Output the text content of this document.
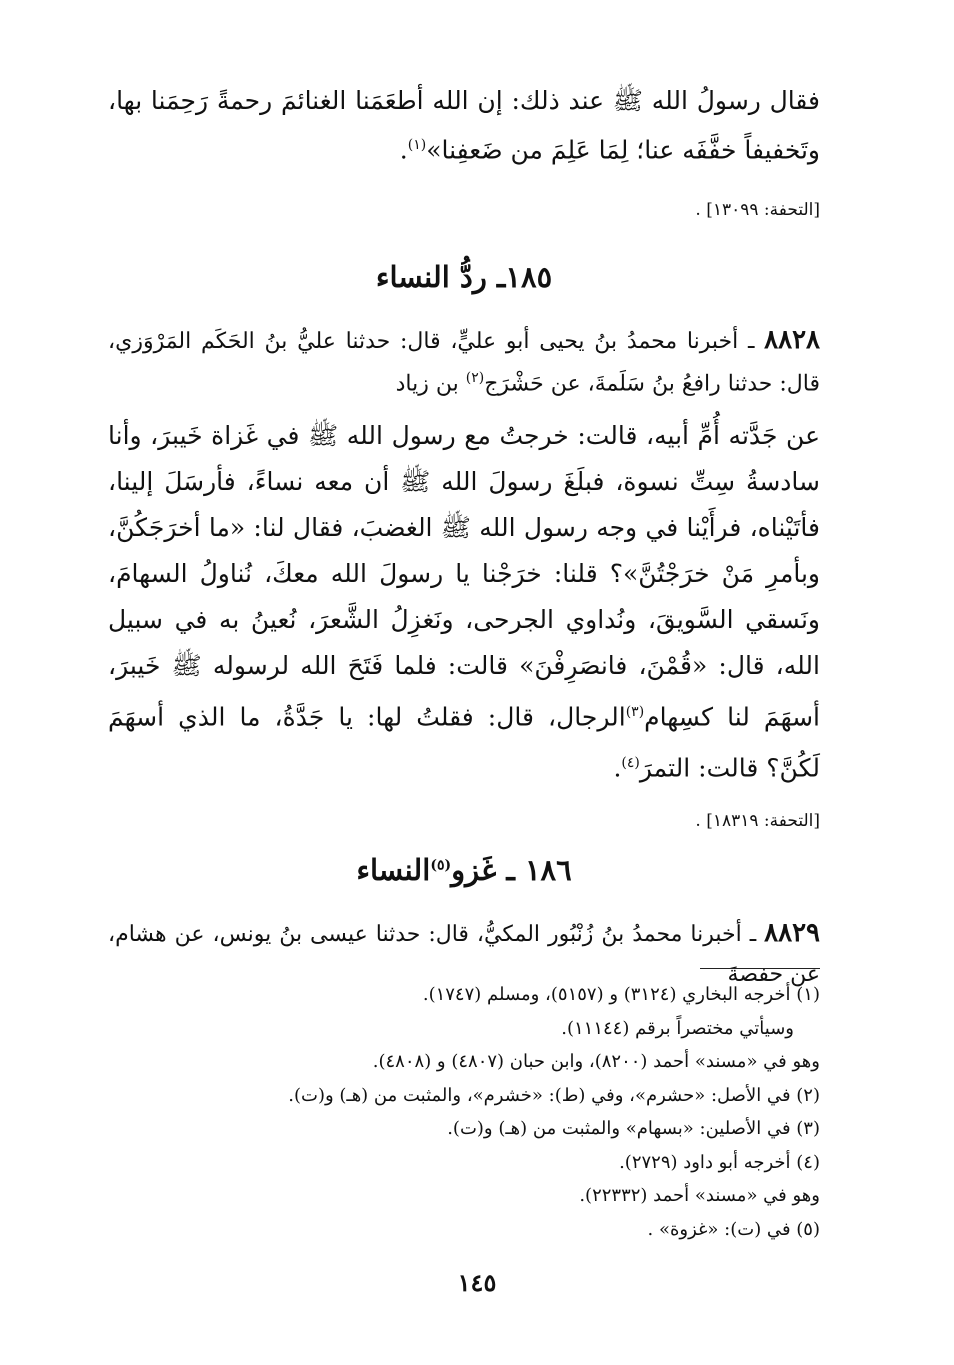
فقال رسولُ الله ﷺ عند ذلك: إن الله أطعَمَنا الغنائمَ رحمةً رَحِمَنا بها، وتَخفيفاً خفَّفَه عنا؛ لِمَا عَلِمَ من ضَعفِنا»$^{(١)}$.

[التحفة: ١٣٠٩٩] .

١٨٥ـ ردُّ النساء

٨٨٢٨ ـ أخبرنا محمدُ بنُ يحيى أبو عليٍّ، قال: حدثنا عليُّ بنُ الحَكَم المَرْوَزي، قال: حدثنا رافعُ بنُ سَلَمةَ، عن حَشْرَج$^{(٢)}$ بن زياد

عن جَدَّته أُمِّ أبيه، قالت: خرجتُ مع رسول الله ﷺ في غَزاة خَيبرَ، وأنا سادسةُ سِتِّ نسوة، فبلَغَ رسولَ الله ﷺ أن معه نساءً، فأرسَلَ إلينا، فأتَيْناه، فرأَيْنا في وجه رسول الله ﷺ الغضبَ، فقال لنا: «ما أخرَجَكُنَّ، وبأمرِ مَنْ خرَجْتُنَّ»؟ قلنا: خرَجْنا يا رسولَ الله معكَ، نُناولُ السهامَ، ونَسقي السَّويقَ، ونُداوي الجرحى، ونَغزِلُ الشَّعرَ، نُعينُ به في سبيل الله، قال: «قُمْنَ، فانصَرِفْنَ» قالت: فلما فَتَحَ الله لرسوله ﷺ خَيبرَ، أسهَمَ لنا كسِهام$^{(٣)}$الرجال، قال: فقلتُ لها: يا جَدَّةُ، ما الذي أسهَمَ لَكُنَّ؟ قالت: التمرَ$^{(٤)}$.

[التحفة: ١٨٣١٩] .

١٨٦ ـ غَزو$^{(٥)}$النساء

٨٨٢٩ ـ أخبرنا محمدُ بنُ زُنْبُور المكيُّ، قال: حدثنا عيسى بنُ يونس، عن هشام، عن حفصةَ

(١) أخرجه البخاري (٣١٢٤) و (٥١٥٧)، ومسلم (١٧٤٧).

وسيأتي مختصراً برقم (١١١٤٤).

وهو في «مسند» أحمد (٨٢٠٠)، وابن حبان (٤٨٠٧) و (٤٨٠٨).

(٢) في الأصل: «حشرم»، وفي (ط): «خشرم»، والمثبت من (هـ) و(ت).

(٣) في الأصلين: «بسهام» والمثبت من (هـ) و(ت).

(٤) أخرجه أبو داود (٢٧٢٩).

وهو في «مسند» أحمد (٢٢٣٣٢).

(٥) في (ت): «غزوة» .

١٤٥
